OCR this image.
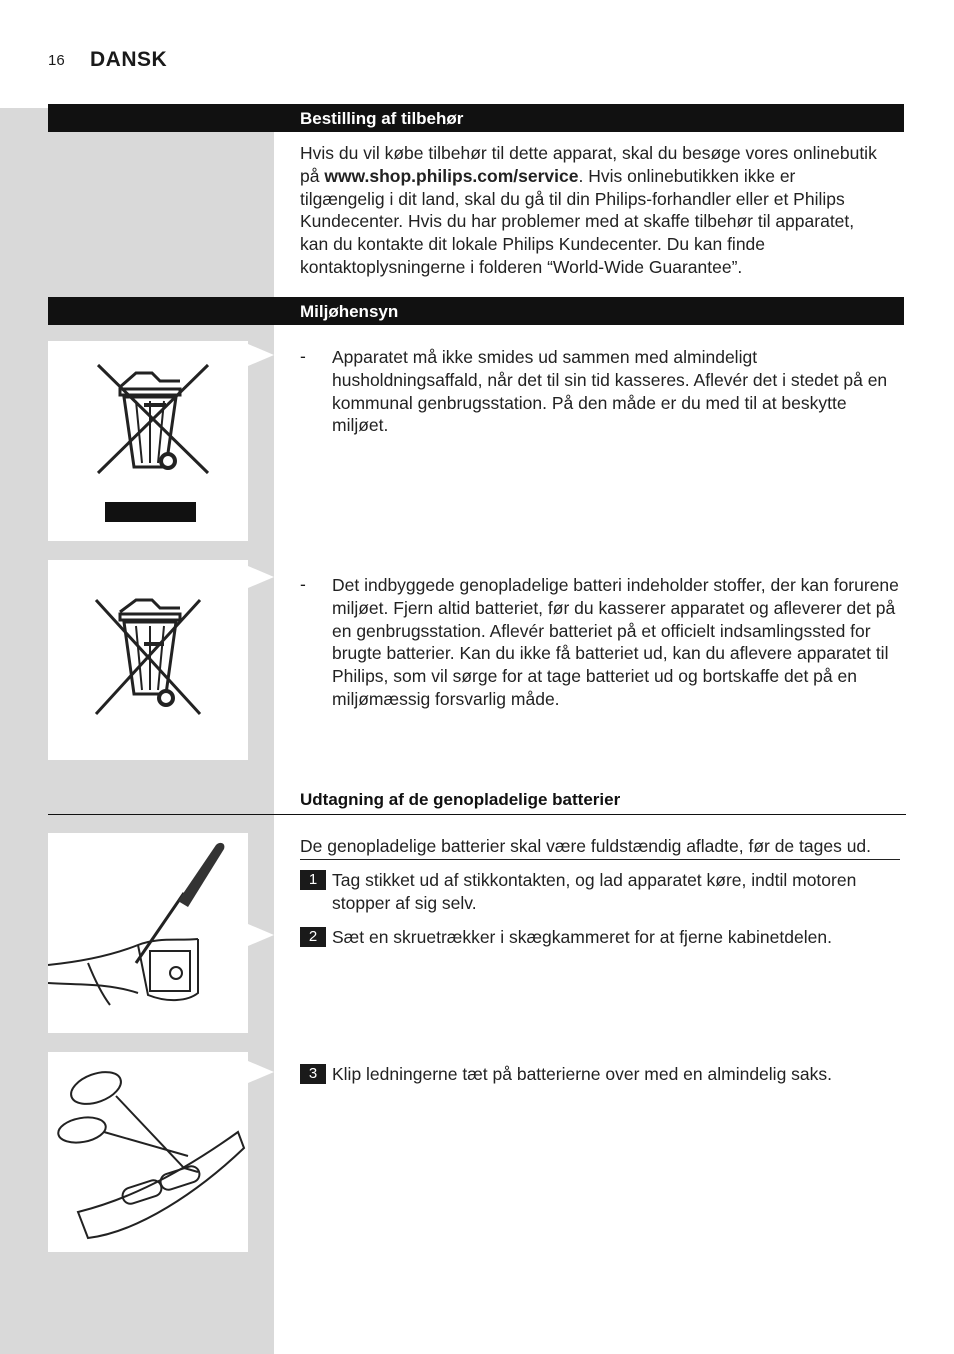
16 DANSK
Bestilling af tilbehør
Hvis du vil købe tilbehør til dette apparat, skal du besøge vores onlinebutik på www.shop.philips.com/service. Hvis onlinebutikken ikke er tilgængelig i dit land, skal du gå til din Philips-forhandler eller et Philips Kundecenter. Hvis du har problemer med at skaffe tilbehør til apparatet, kan du kontakte dit lokale Philips Kundecenter. Du kan finde kontaktoplysningerne i folderen “World-Wide Guarantee”.
Miljøhensyn
- Apparatet må ikke smides ud sammen med almindeligt husholdningsaffald, når det til sin tid kasseres. Aflevér det i stedet på en kommunal genbrugsstation. På den måde er du med til at beskytte miljøet.
- Det indbyggede genopladelige batteri indeholder stoffer, der kan forurene miljøet. Fjern altid batteriet, før du kasserer apparatet og afleverer det på en genbrugsstation. Aflevér batteriet på et officielt indsamlingssted for brugte batterier. Kan du ikke få batteriet ud, kan du aflevere apparatet til Philips, som vil sørge for at tage batteriet ud og bortskaffe det på en miljømæssig forsvarlig måde.
Udtagning af de genopladelige batterier
De genopladelige batterier skal være fuldstændig afladte, før de tages ud.
1 Tag stikket ud af stikkontakten, og lad apparatet køre, indtil motoren stopper af sig selv.
2 Sæt en skruetrækker i skægkammeret for at fjerne kabinetdelen.
3 Klip ledningerne tæt på batterierne over med en almindelig saks.
